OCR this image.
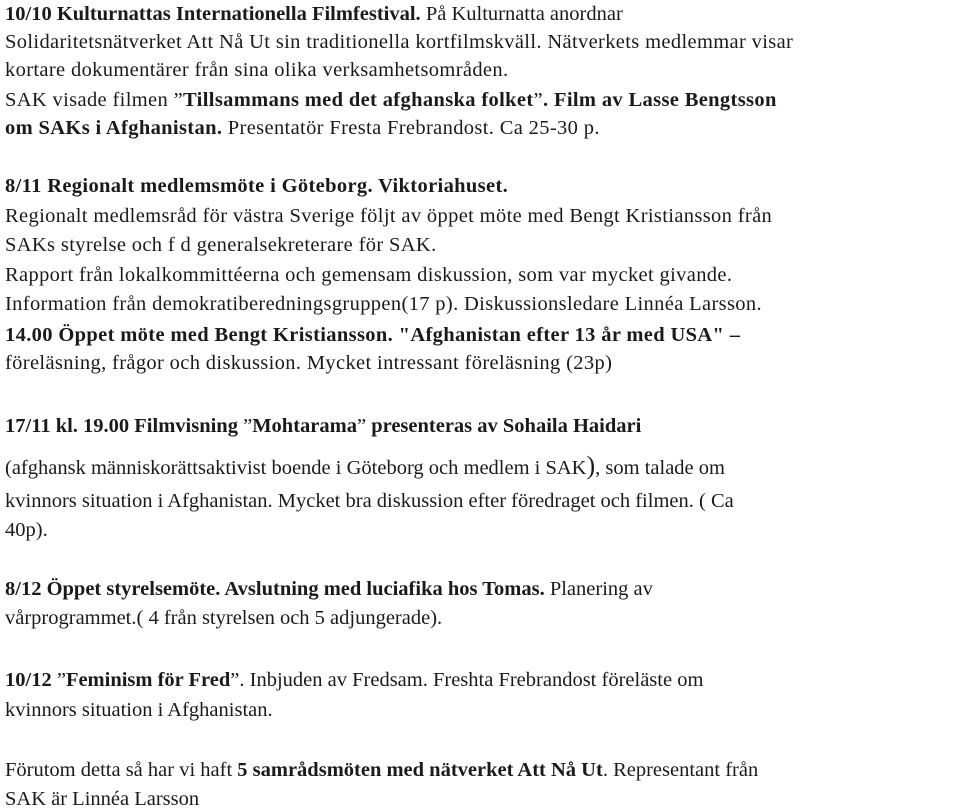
10/10 Kulturnattas Internationella Filmfestival. På Kulturnatta anordnar
Solidaritetsnätverket Att Nå Ut sin traditionella kortfilmskväll. Nätverkets medlemmar visar
kortare dokumentärer från sina olika verksamhetsområden.
SAK visade filmen ”Tillsammans med det afghanska folket”. Film av Lasse Bengtsson
om SAKs i Afghanistan. Presentatör Fresta Frebrandost. Ca 25-30 p.
8/11 Regionalt medlemsmöte i Göteborg. Viktoriahuset.
Regionalt medlemsråd för västra Sverige följt av öppet möte med Bengt Kristiansson från
SAKs styrelse och f d generalsekreterare för SAK.
Rapport från lokalkommittéerna och gemensam diskussion, som var mycket givande.
Information från demokratiberedningsgruppen(17 p). Diskussionsledare Linnéa Larsson.
14.00 Öppet möte med Bengt Kristiansson. "Afghanistan efter 13 år med USA" –
föreläsning, frågor och diskussion. Mycket intressant föreläsning (23p)
17/11 kl. 19.00 Filmvisning ”Mohtarama” presenteras av Sohaila Haidari
(afghansk människorättsaktivist boende i Göteborg och medlem i SAK), som talade om
kvinnors situation i Afghanistan. Mycket bra diskussion efter föredraget och filmen. ( Ca
40p).
8/12 Öppet styrelsemöte. Avslutning med luciafika hos Tomas. Planering av
vårprogrammet.( 4 från styrelsen och 5 adjungerade).
10/12 ”Feminism för Fred”. Inbjuden av Fredsam. Freshta Frebrandost föreläste om
kvinnors situation i Afghanistan.
Förutom detta så har vi haft 5 samrådsmöten med nätverket Att Nå Ut. Representant från
SAK är Linnéa Larsson
